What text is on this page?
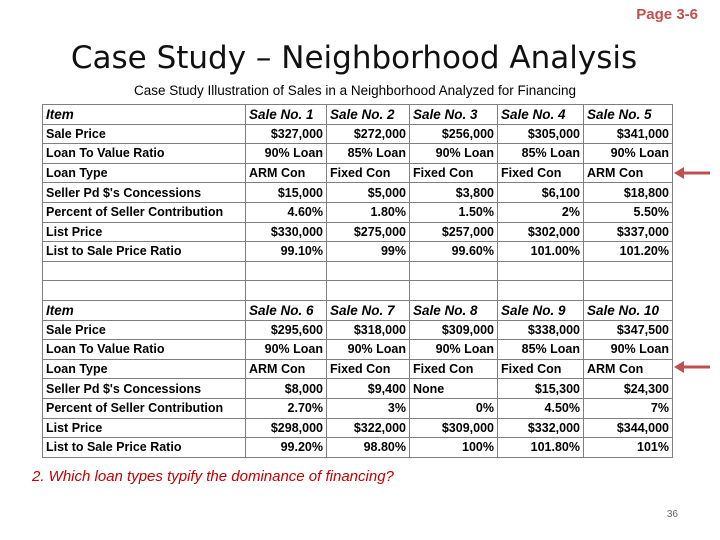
Page 3-6
Case Study – Neighborhood Analysis
Case Study Illustration of Sales in a Neighborhood Analyzed for Financing
Item	Sale No. 1	Sale No. 2	Sale No. 3	Sale No. 4	Sale No. 5
Sale Price	$327,000	$272,000	$256,000	$305,000	$341,000
Loan To Value Ratio	90% Loan	85% Loan	90% Loan	85% Loan	90% Loan
Loan Type	ARM Con	Fixed Con	Fixed Con	Fixed Con	ARM Con
Seller Pd $'s Concessions	$15,000	$5,000	$3,800	$6,100	$18,800
Percent of Seller Contribution	4.60%	1.80%	1.50%	2%	5.50%
List Price	$330,000	$275,000	$257,000	$302,000	$337,000
List to Sale Price Ratio	99.10%	99%	99.60%	101.00%	101.20%

Item	Sale No. 6	Sale No. 7	Sale No. 8	Sale No. 9	Sale No. 10
Sale Price	$295,600	$318,000	$309,000	$338,000	$347,500
Loan To Value Ratio	90% Loan	90% Loan	90% Loan	85% Loan	90% Loan
Loan Type	ARM Con	Fixed Con	Fixed Con	Fixed Con	ARM Con
Seller Pd $'s Concessions	$8,000	$9,400	None	$15,300	$24,300
Percent of Seller Contribution	2.70%	3%	0%	4.50%	7%
List Price	$298,000	$322,000	$309,000	$332,000	$344,000
List to Sale Price Ratio	99.20%	98.80%	100%	101.80%	101%
2. Which loan types typify the dominance of financing?
36
